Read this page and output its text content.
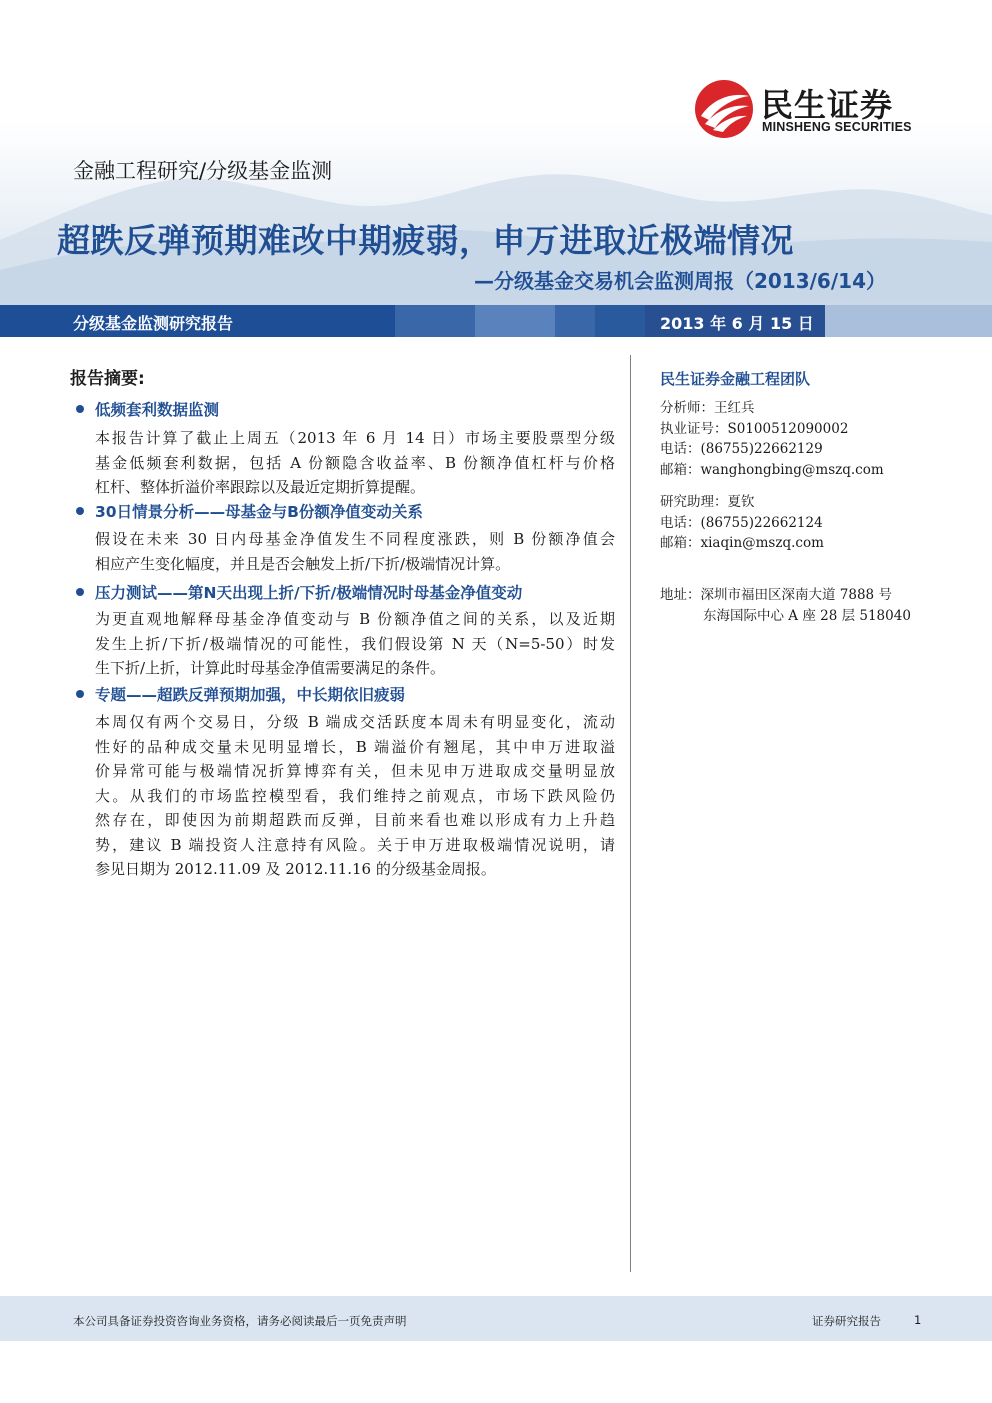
民生证券
MINSHENG SECURITIES
金融工程研究/分级基金监测
超跌反弹预期难改中期疲弱，申万进取近极端情况
—分级基金交易机会监测周报（2013/6/14）
分级基金监测研究报告	2013 年 6 月 15 日
报告摘要:
低频套利数据监测
本报告计算了截止上周五（2013 年 6 月 14 日）市场主要股票型分级
基金低频套利数据，包括 A 份额隐含收益率、B 份额净值杠杆与价格
杠杆、整体折溢价率跟踪以及最近定期折算提醒。
30日情景分析——母基金与B份额净值变动关系
假设在未来 30 日内母基金净值发生不同程度涨跌，则 B 份额净值会
相应产生变化幅度，并且是否会触发上折/下折/极端情况计算。
压力测试——第N天出现上折/下折/极端情况时母基金净值变动
为更直观地解释母基金净值变动与 B 份额净值之间的关系，以及近期
发生上折/下折/极端情况的可能性，我们假设第 N 天（N=5-50）时发
生下折/上折，计算此时母基金净值需要满足的条件。
专题——超跌反弹预期加强，中长期依旧疲弱
本周仅有两个交易日，分级 B 端成交活跃度本周未有明显变化，流动
性好的品种成交量未见明显增长，B 端溢价有翘尾，其中申万进取溢
价异常可能与极端情况折算博弈有关，但未见申万进取成交量明显放
大。从我们的市场监控模型看，我们维持之前观点，市场下跌风险仍
然存在，即使因为前期超跌而反弹，目前来看也难以形成有力上升趋
势，建议 B 端投资人注意持有风险。关于申万进取极端情况说明，请
参见日期为 2012.11.09 及 2012.11.16 的分级基金周报。
民生证券金融工程团队
分析师：王红兵
执业证号：S0100512090002
电话：(86755)22662129
邮箱：wanghongbing@mszq.com
研究助理：夏钦
电话：(86755)22662124
邮箱：xiaqin@mszq.com
地址：深圳市福田区深南大道 7888 号
东海国际中心 A 座 28 层 518040
本公司具备证券投资咨询业务资格，请务必阅读最后一页免责声明	证券研究报告	1
